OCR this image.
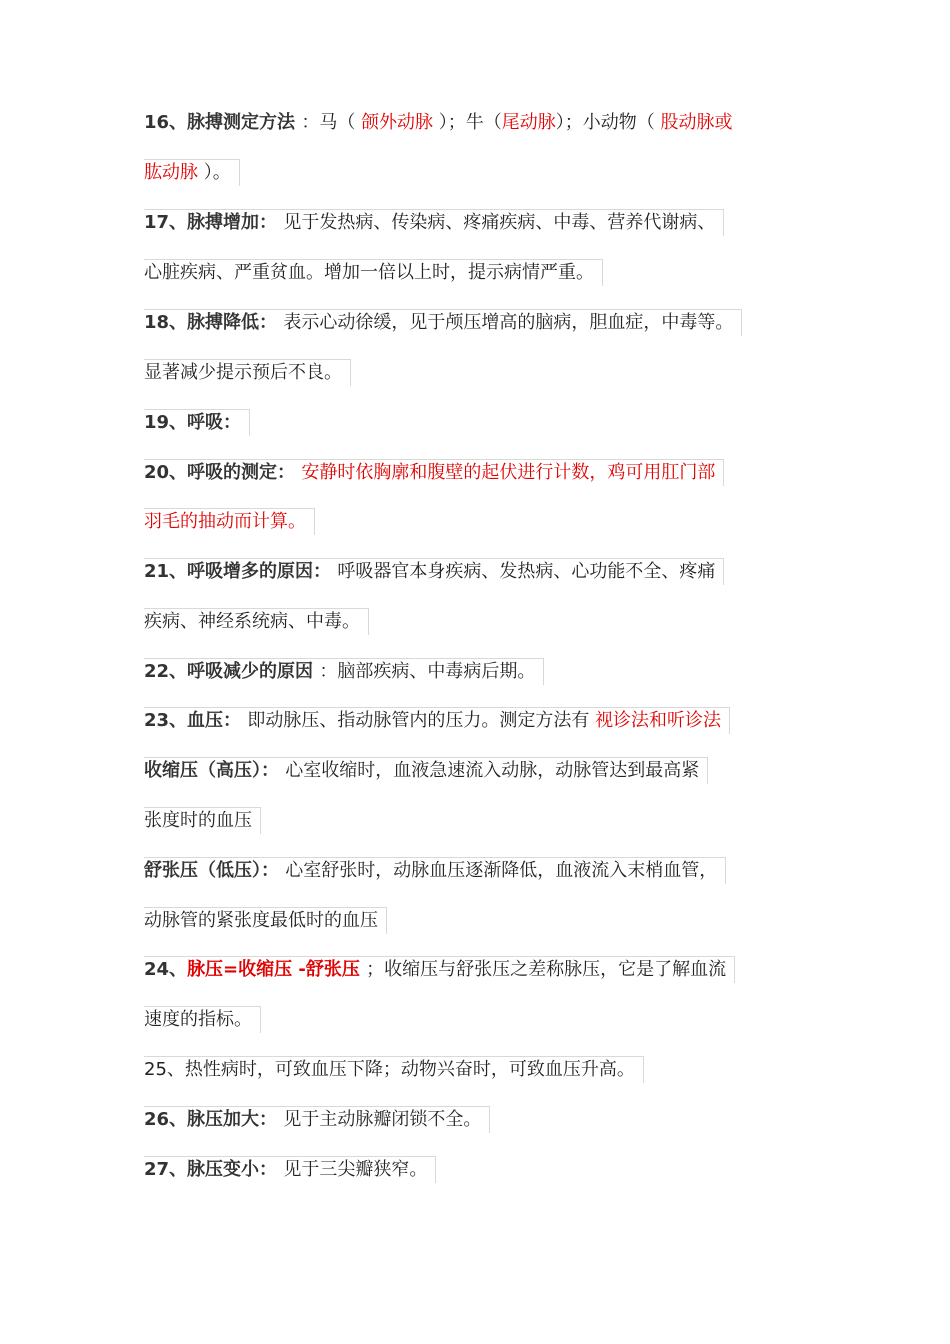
16、脉搏测定方法 ：马（ 颌外动脉 ）；牛（尾动脉）；小动物（ 股动脉或
肱动脉 ）。
17、脉搏增加： 见于发热病、传染病、疼痛疾病、中毒、营养代谢病、
心脏疾病、严重贫血。增加一倍以上时，提示病情严重。
18、脉搏降低： 表示心动徐缓，见于颅压增高的脑病，胆血症，中毒等。
显著减少提示预后不良。
19、呼吸：
20、呼吸的测定： 安静时依胸廓和腹壁的起伏进行计数，鸡可用肛门部
羽毛的抽动而计算。
21、呼吸增多的原因： 呼吸器官本身疾病、发热病、心功能不全、疼痛
疾病、神经系统病、中毒。
22、呼吸减少的原因 ：脑部疾病、中毒病后期。
23、血压： 即动脉压、指动脉管内的压力。测定方法有 视诊法和听诊法
收缩压（高压）： 心室收缩时，血液急速流入动脉，动脉管达到最高紧
张度时的血压
舒张压（低压）： 心室舒张时，动脉血压逐渐降低，血液流入末梢血管，
动脉管的紧张度最低时的血压
24、脉压=收缩压 -舒张压 ；收缩压与舒张压之差称脉压，它是了解血流
速度的指标。
25、热性病时，可致血压下降；动物兴奋时，可致血压升高。
26、脉压加大： 见于主动脉瓣闭锁不全。
27、脉压变小： 见于三尖瓣狭窄。
